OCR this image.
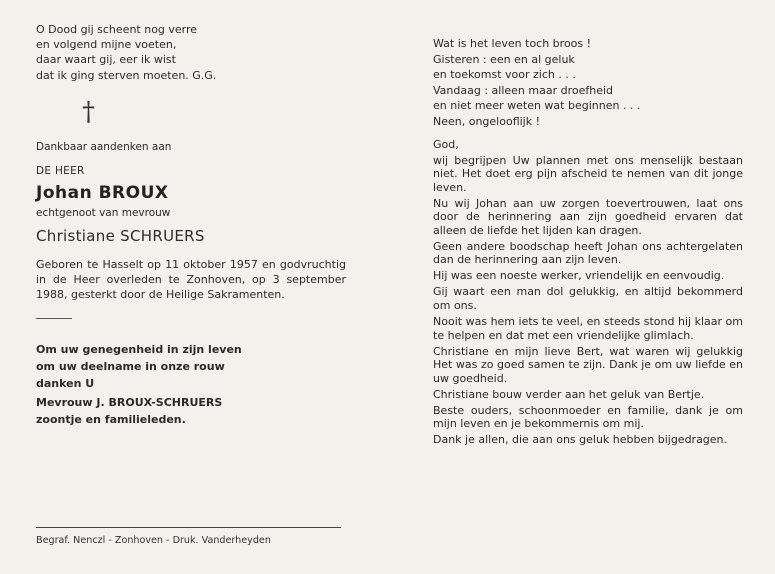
O Dood gij scheent nog verre

en volgend mijne voeten,

daar waart gij, eer ik wist

dat ik ging sterven moeten. G.G.

†
Dankbaar aandenken aan
DE HEER
Johan BROUX
echtgenoot van mevrouw
Christiane SCHRUERS
Geboren te Hasselt op 11 oktober 1957 en godvruchtig in de Heer overleden te Zonhoven, op 3 september 1988, gesterkt door de Heilige Sakramenten.

Om uw genegenheid in zijn leven

om uw deelname in onze rouw

danken U

Mevrouw J. BROUX-SCHRUERS

zoontje en familieleden.

Begraf. Nenczl - Zonhoven - Druk. Vanderheyden

Wat is het leven toch broos !

Gisteren : een en al geluk

en toekomst voor zich . . .

Vandaag : alleen maar droefheid

en niet meer weten wat beginnen . . .

Neen, ongelooflijk !

God,

wij begrijpen Uw plannen met ons menselijk bestaan niet. Het doet erg pijn afscheid te nemen van dit jonge leven.

Nu wij Johan aan uw zorgen toevertrouwen, laat ons door de herinnering aan zijn goedheid ervaren dat alleen de liefde het lijden kan dragen.

Geen andere boodschap heeft Johan ons achtergelaten dan de herinnering aan zijn leven.

Hij was een noeste werker, vriendelijk en eenvoudig.

Gij waart een man dol gelukkig, en altijd bekommerd om ons.

Nooit was hem iets te veel, en steeds stond hij klaar om te helpen en dat met een vriendelijke glimlach.

Christiane en mijn lieve Bert, wat waren wij gelukkig Het was zo goed samen te zijn. Dank je om uw liefde en uw goedheid.

Christiane bouw verder aan het geluk van Bertje.

Beste ouders, schoonmoeder en familie, dank je om mijn leven en je bekommernis om mij.

Dank je allen, die aan ons geluk hebben bijgedragen.
